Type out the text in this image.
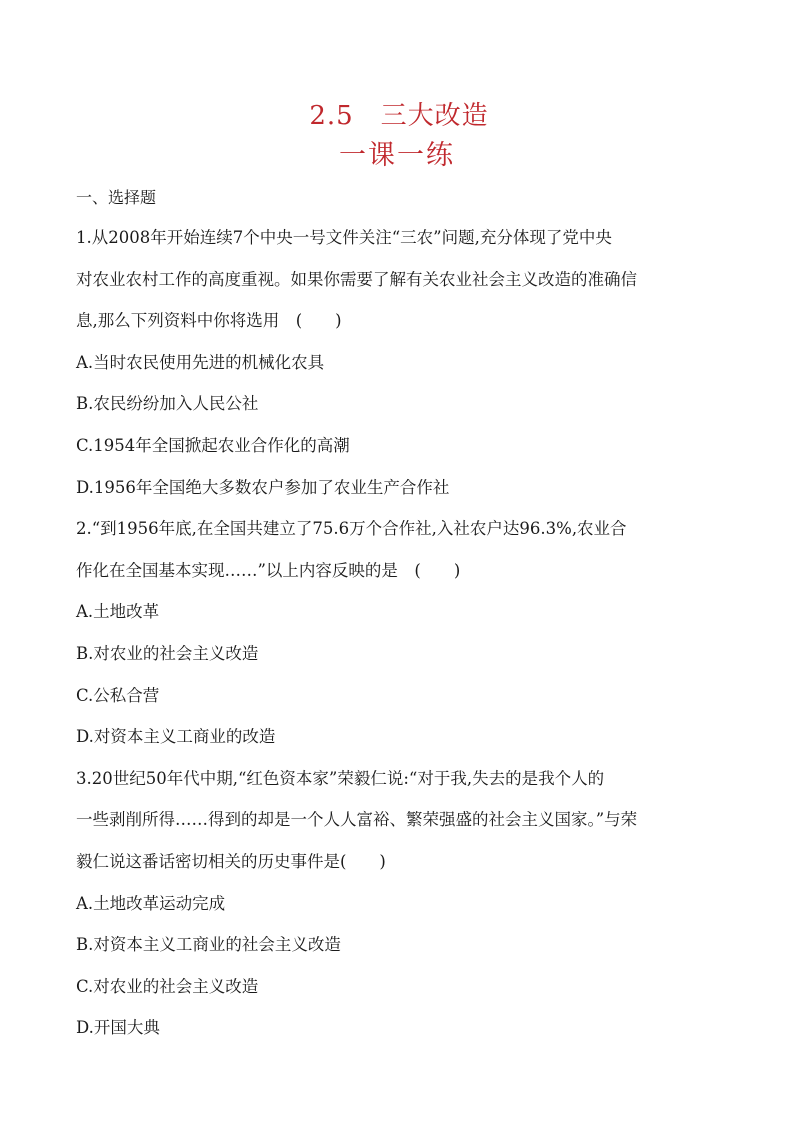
2.5　三大改造
一课一练
一、选择题
1.从2008年开始连续7个中央一号文件关注“三农”问题,充分体现了党中央
对农业农村工作的高度重视。如果你需要了解有关农业社会主义改造的准确信
息,那么下列资料中你将选用　(　　)
A.当时农民使用先进的机械化农具
B.农民纷纷加入人民公社
C.1954年全国掀起农业合作化的高潮
D.1956年全国绝大多数农户参加了农业生产合作社
2.“到1956年底,在全国共建立了75.6万个合作社,入社农户达96.3%,农业合
作化在全国基本实现……”以上内容反映的是　(　　)
A.土地改革
B.对农业的社会主义改造
C.公私合营
D.对资本主义工商业的改造
3.20世纪50年代中期,“红色资本家”荣毅仁说:“对于我,失去的是我个人的
一些剥削所得……得到的却是一个人人富裕、繁荣强盛的社会主义国家。”与荣
毅仁说这番话密切相关的历史事件是(　　)
A.土地改革运动完成
B.对资本主义工商业的社会主义改造
C.对农业的社会主义改造
D.开国大典
